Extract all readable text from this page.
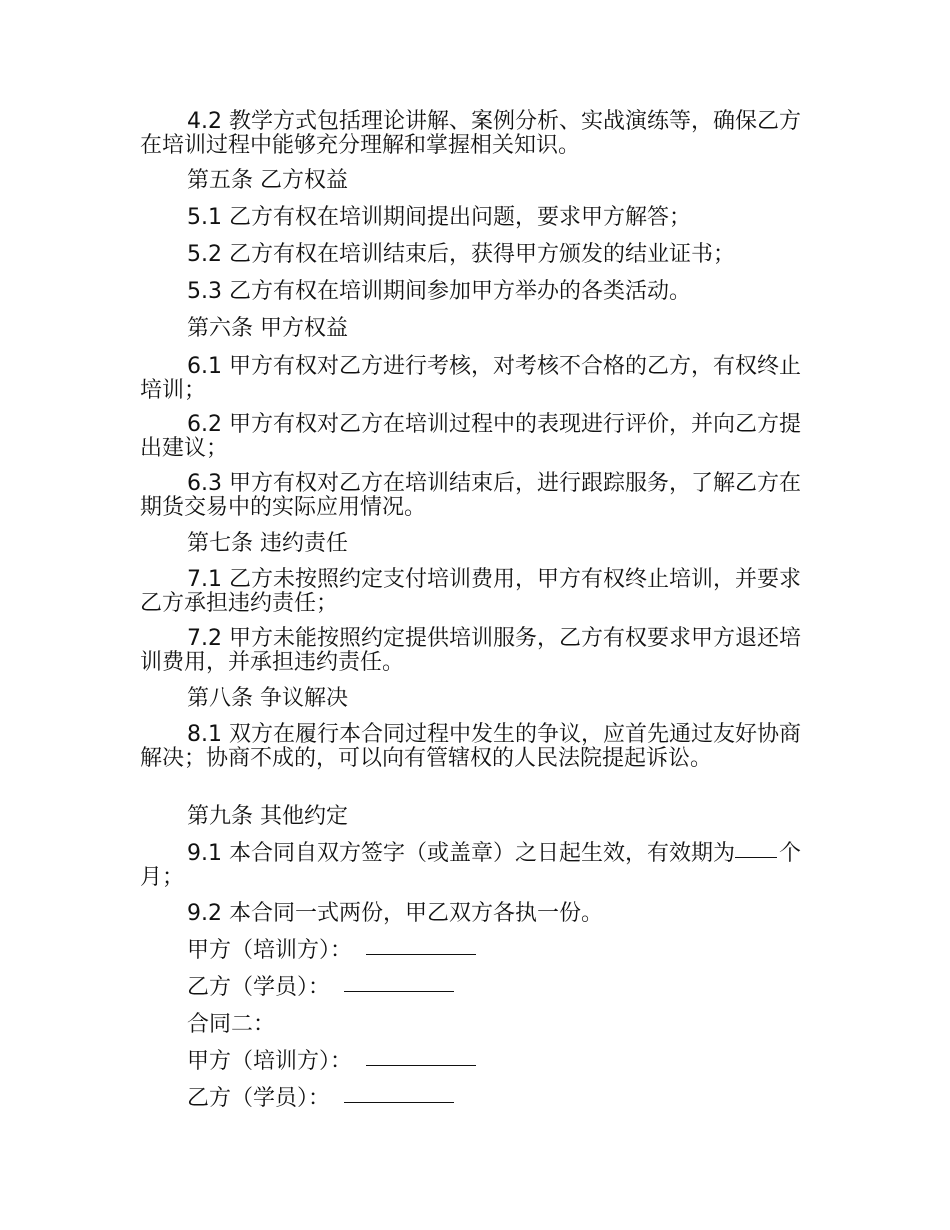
4.2 教学方式包括理论讲解、案例分析、实战演练等，确保乙方在培训过程中能够充分理解和掌握相关知识。
第五条 乙方权益
5.1 乙方有权在培训期间提出问题，要求甲方解答；
5.2 乙方有权在培训结束后，获得甲方颁发的结业证书；
5.3 乙方有权在培训期间参加甲方举办的各类活动。
第六条 甲方权益
6.1 甲方有权对乙方进行考核，对考核不合格的乙方，有权终止培训；
6.2 甲方有权对乙方在培训过程中的表现进行评价，并向乙方提出建议；
6.3 甲方有权对乙方在培训结束后，进行跟踪服务，了解乙方在期货交易中的实际应用情况。
第七条 违约责任
7.1 乙方未按照约定支付培训费用，甲方有权终止培训，并要求乙方承担违约责任；
7.2 甲方未能按照约定提供培训服务，乙方有权要求甲方退还培训费用，并承担违约责任。
第八条 争议解决
8.1 双方在履行本合同过程中发生的争议，应首先通过友好协商解决；协商不成的，可以向有管辖权的人民法院提起诉讼。
第九条 其他约定
9.1 本合同自双方签字（或盖章）之日起生效，有效期为 个月；
9.2 本合同一式两份，甲乙双方各执一份。
甲方（培训方）：
乙方（学员）：
合同二：
甲方（培训方）：
乙方（学员）：
